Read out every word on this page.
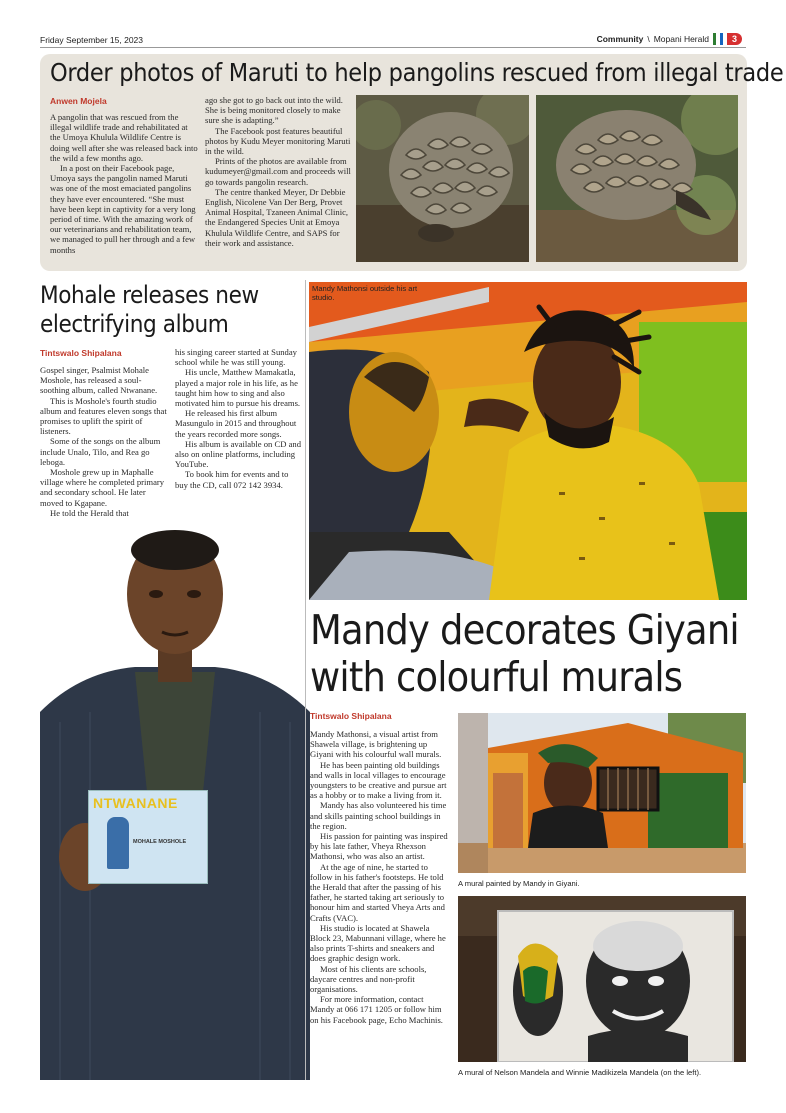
Friday September 15, 2023	Community \ Mopani Herald	3
Order photos of Maruti to help pangolins rescued from illegal trade
Anwen Mojela

A pangolin that was rescued from the illegal wildlife trade and rehabilitated at the Umoya Khulula Wildlife Centre is doing well after she was released back into the wild a few months ago.

In a post on their Facebook page, Umoya says the pangolin named Maruti was one of the most emaciated pangolins they have ever encountered. “She must have been kept in captivity for a very long period of time. With the amazing work of our veterinarians and rehabilitation team, we managed to pull her through and a few months

ago she got to go back out into the wild. She is being monitored closely to make sure she is adapting.”

The Facebook post features beautiful photos by Kudu Meyer monitoring Maruti in the wild.

Prints of the photos are available from kudumeyer@gmail.com and proceeds will go towards pangolin research.

The centre thanked Meyer, Dr Debbie English, Nicolene Van Der Berg, Provet Animal Hospital, Tzaneen Animal Clinic, the Endangered Species Unit at Emoya Khulula Wildlife Centre, and SAPS for their work and assistance.

Mohale releases new electrifying album
Tintswalo Shipalana

Gospel singer, Psalmist Mohale Moshole, has released a soul-soothing album, called Ntwanane.

This is Moshole's fourth studio album and features eleven songs that promises to uplift the spirit of listeners.

Some of the songs on the album include Unalo, Tilo, and Rea go leboga.

Moshole grew up in Maphalle village where he completed primary and secondary school. He later moved to Kgapane.

He told the Herald that

his singing career started at Sunday school while he was still young.

His uncle, Matthew Mamakatla, played a major role in his life, as he taught him how to sing and also motivated him to pursue his dreams.

He released his first album Masungulo in 2015 and throughout the years recorded more songs.

His album is available on CD and also on online platforms, including YouTube.

To book him for events and to buy the CD, call 072 142 3934.

NTWANANE
MOHALE MOSHOLE
Mandy Mathonsi outside his art studio.
Mandy decorates Giyani with colourful murals
Tintswalo Shipalana

Mandy Mathonsi, a visual artist from Shawela village, is brightening up Giyani with his colourful wall murals.

He has been painting old buildings and walls in local villages to encourage youngsters to be creative and pursue art as a hobby or to make a living from it.

Mandy has also volunteered his time and skills painting school buildings in the region.

His passion for painting was inspired by his late father, Vheya Rhexson Mathonsi, who was also an artist.

At the age of nine, he started to follow in his father's footsteps. He told the Herald that after the passing of his father, he started taking art seriously to honour him and started Vheya Arts and Crafts (VAC).

His studio is located at Shawela Block 23, Mabunnani village, where he also prints T-shirts and sneakers and does graphic design work.

Most of his clients are schools, daycare centres and non-profit organisations.

For more information, contact Mandy at 066 171 1205 or follow him on his Facebook page, Echo Machinis.

A mural painted by Mandy in Giyani.
A mural of Nelson Mandela and Winnie Madikizela Mandela (on the left).
